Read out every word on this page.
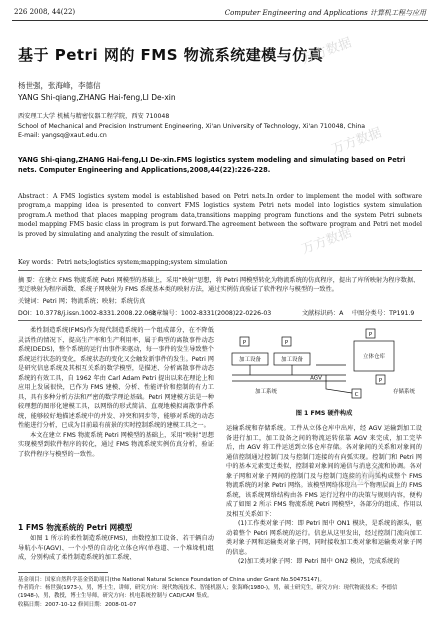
226 2008, 44(22)	Computer Engineering and Applications 计算机工程与应用
基于 Petri 网的 FMS 物流系统建模与仿真
杨世强，张海峰，李德信
YANG Shi-qiang,ZHANG Hai-feng,LI De-xin
西安理工大学 机械与精密仪器工程学院，西安 710048
School of Mechanical and Precision Instrument Engineering, Xi'an University of Technology, Xi'an 710048, China
E-mail: yangsq@xaut.edu.cn
YANG Shi-qiang,ZHANG Hai-feng,LI De-xin.FMS logistics system modeling and simulating based on Petri nets. Computer Engineering and Applications,2008,44(22):226-228.
Abstract：A FMS logistics system model is established based on Petri nets.In order to implement the model with software program,a mapping idea is presented to convert FMS logistics system Petri nets model into logistics system simulation program.A method that places mapping program data,transitions mapping program functions and the system Petri subnets model mapping FMS basic class in program is put forward.The agreement between the software program and Petri net model is proved by simulating and analyzing the result of simulation.
Key words：Petri nets;logistics system;mapping;system simulation
摘 要：在建立 FMS 物流系统 Petri 网模型的基础上，采用“映射”思想，将 Petri 网模型转化为物流系统的仿真程序，提出了库所映射为程序数据、变迁映射为程序函数、系统子网映射为 FMS 系统基本类的映射方法，通过实例仿真验证了软件程序与模型的一致性。
关键词：Petri 网；物流系统；映射；系统仿真
DOI：10.3778/j.issn.1002-8331.2008.22.068
文章编号：1002-8331(2008)22-0226-03	文献标识码：A 中图分类号：TP191.9
柔性制造系统(FMS)作为现代制造系统的一个组成部分，在不降低灵活性的情况下，提高生产率和生产利用率，属于典型的离散事件动态系统(DEDS)，整个系统的运行由事件来驱动，每一事件的发生导致整个系统运行状态的变化，系统状态的变化又会触发新事件的发生。Petri 网是研究信息系统及其相互关系的数学模型，是描述、分析离散事件动态系统的有效工具，自 1962 年由 Carl Adam Petri 提出以来在理论上和应用上发展很快，已作为 FMS 建模、分析、性能评价和控制的有力工具，具有多种分析方法和严密的数学理论基础。Petri 网建模方法是一种较理想的图形化建模工具，以网络的形式简洁、直观地模拟离散事件系统，能够较好地描述系统中的并发、冲突和同步等，能够对系统的动态性能进行分析，已成为目前最有前景的实时控制系统的建模工具之一。
本文在建立 FMS 物流系统 Petri 网模型的基础上，采用“映射”思想实现模型到软件程序的转化，通过 FMS 物流系统实例仿真分析，验证了软件程序与模型的一致性。
1 FMS 物流系统的 Petri 网模型
如图 1 所示的柔性制造系统(FMS)，由数控加工设备、若干辆自动导航小车(AGV)、一个小型的自动化立体仓库(单巷道、一个堆垛机)组成，分别构成了柔性制造系统的加工系统、
加工设备	加工设备
AGV
立体仓库
存储系统
加工系统
P	P
P
P
C
图 1 FMS 硬件构成
运输系统和存储系统。工件从立体仓库中出库，经 AGV 运输到加工设备进行加工，加工设备之间的物流运转依靠 AGV 来完成，加工完毕后，由 AGV 将工件运送到立体仓库存储。各对象间的关系和对象间的通信控制通过控制门及与控制门连接的有向弧实现。控制门和 Petri 网中的基本元素变迁类似，控制着对象间的通信与消息交流和协调。各对象子网和对象子网间的控制门及与控制门连接的有向弧构成整个 FMS 物流系统的对象 Petri 网络。该模型网络体现出一个物理层面上的 FMS 系统，该系统网络结构由各 FMS 运行过程中的决策与规则内容，便构成了如图 2 所示 FMS 物流系统 Petri 网模型²，各部分的组成、作用以及相互关系如下：
(1)工作类对象子网：即 Petri 图中 ON1 模块，是系统的源头，驱动着整个 Petri 网系统的运行。信息从这里发出，经过控制门流向加工类对象子网和运输类对象子网，同时接收加工类对象和运输类对象子网的信息。
(2)加工类对象子网：即 Petri 图中 ON2 模块，完成系统的
基金项目：国家自然科学基金资助项目(the National Natural Science Foundation of China under Grant No.50475147)。
作者简介：杨世强(1973-)，男，博士生，讲师，研究方向：现代物流技术、智能机器人；张海峰(1980-)，男，硕士研究生，研究方向：现代物流技术；李德信(1948-)，男，教授，博士生导师，研究方向：机电系统控制与 CAD/CAM 集成。
收稿日期：2007-10-12 修回日期：2008-01-07
万方数据
万方数据
万方数据
万方数据
